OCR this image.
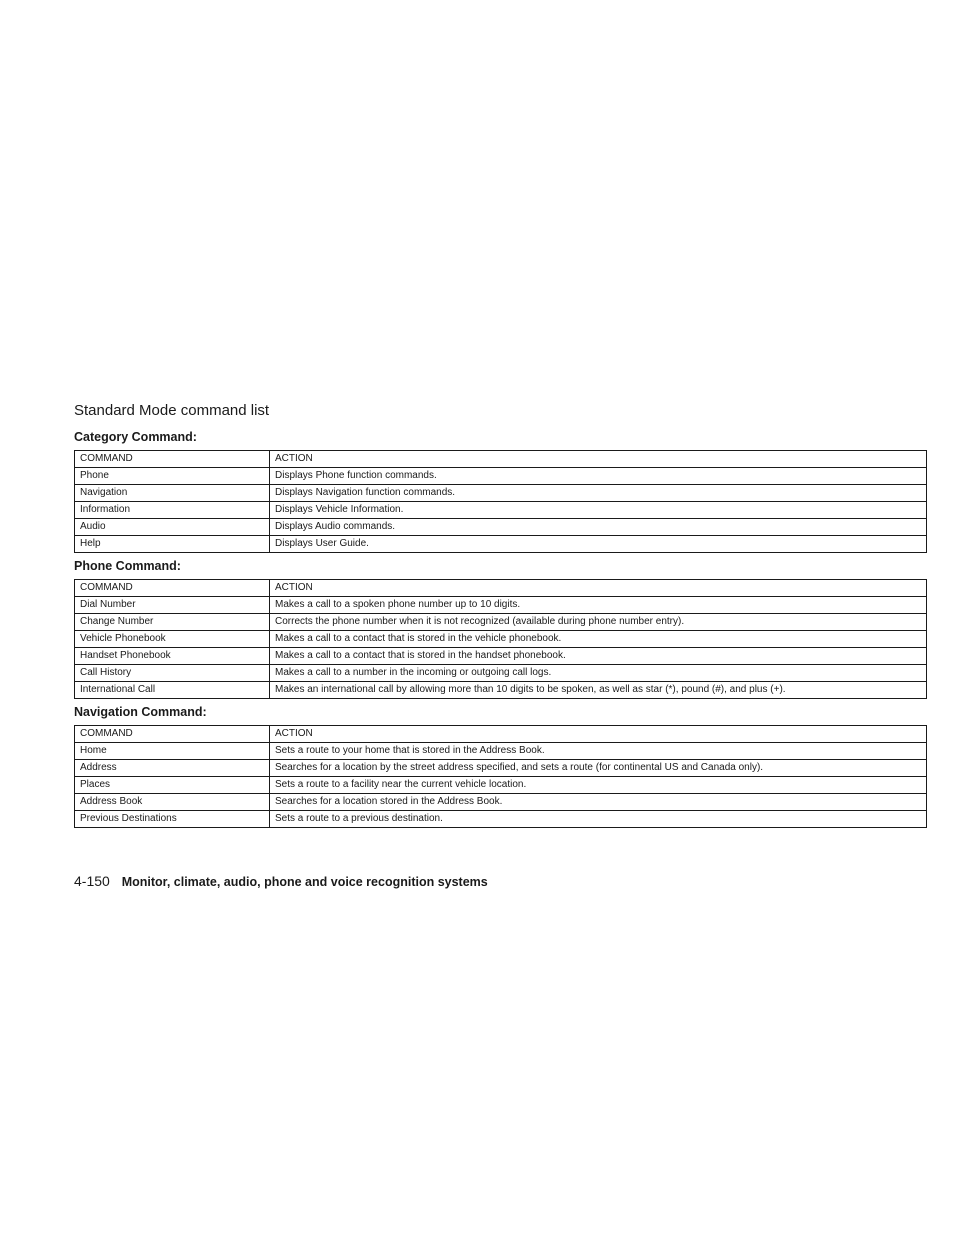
Standard Mode command list
Category Command:
COMMAND	ACTION
Phone	Displays Phone function commands.
Navigation	Displays Navigation function commands.
Information	Displays Vehicle Information.
Audio	Displays Audio commands.
Help	Displays User Guide.
Phone Command:
COMMAND	ACTION
Dial Number	Makes a call to a spoken phone number up to 10 digits.
Change Number	Corrects the phone number when it is not recognized (available during phone number entry).
Vehicle Phonebook	Makes a call to a contact that is stored in the vehicle phonebook.
Handset Phonebook	Makes a call to a contact that is stored in the handset phonebook.
Call History	Makes a call to a number in the incoming or outgoing call logs.
International Call	Makes an international call by allowing more than 10 digits to be spoken, as well as star (*), pound (#), and plus (+).
Navigation Command:
COMMAND	ACTION
Home	Sets a route to your home that is stored in the Address Book.
Address	Searches for a location by the street address specified, and sets a route (for continental US and Canada only).
Places	Sets a route to a facility near the current vehicle location.
Address Book	Searches for a location stored in the Address Book.
Previous Destinations	Sets a route to a previous destination.
4-150 Monitor, climate, audio, phone and voice recognition systems
